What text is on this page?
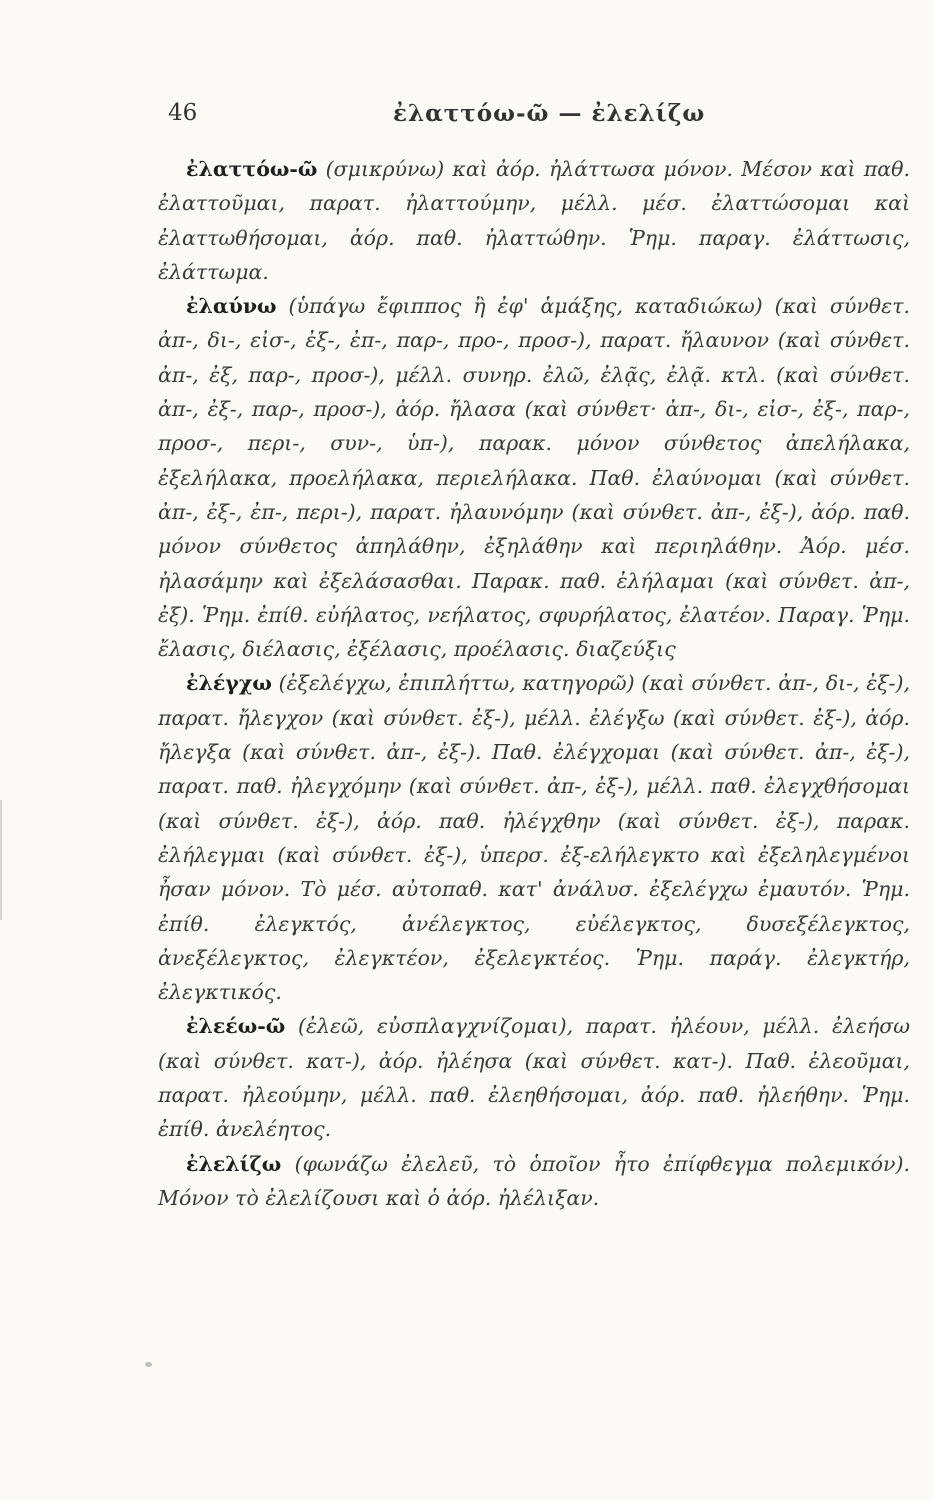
46	ἐλαττόω-ῶ — ἐλελίζω

ἐλαττόω-ῶ (σμικρύνω) καὶ ἀόρ. ἠλάττωσα μόνον. Μέσον καὶ παθ. ἐλαττοῦμαι, παρατ. ἠλαττούμην, μέλλ. μέσ. ἐλαττώσομαι καὶ ἐλαττωθήσομαι, ἀόρ. παθ. ἠλαττώθην. Ῥημ. παραγ. ἐλάττωσις, ἐλάττωμα.

ἐλαύνω (ὑπάγω ἔφιππος ἢ ἐφ' ἁμάξης, καταδιώκω) (καὶ σύνθετ. ἀπ-, δι-, εἰσ-, ἐξ-, ἐπ-, παρ-, προ-, προσ-), παρατ. ἤλαυνον (καὶ σύνθετ. ἀπ-, ἐξ, παρ-, προσ-), μέλλ. συνηρ. ἐλῶ, ἐλᾷς, ἐλᾷ. κτλ. (καὶ σύνθετ. ἀπ-, ἐξ-, παρ-, προσ-), ἀόρ. ἤλασα (καὶ σύνθετ· ἀπ-, δι-, εἰσ-, ἐξ-, παρ-, προσ-, περι-, συν-, ὑπ-), παρακ. μόνον σύνθετος ἀπελήλακα, ἐξελήλακα, προελήλακα, περιελήλακα. Παθ. ἐλαύνομαι (καὶ σύνθετ. ἀπ-, ἐξ-, ἐπ-, περι-), παρατ. ἠλαυνόμην (καὶ σύνθετ. ἀπ-, ἐξ-), ἀόρ. παθ. μόνον σύνθετος ἀπηλάθην, ἐξηλάθην καὶ περιηλάθην. Ἀόρ. μέσ. ἠλασάμην καὶ ἐξελάσασθαι. Παρακ. παθ. ἐλήλαμαι (καὶ σύνθετ. ἀπ-, ἐξ). Ῥημ. ἐπίθ. εὐήλατος, νεήλατος, σφυρήλατος, ἐλατέον. Παραγ. Ῥημ. ἔλασις, διέλασις, ἐξέλασις, προέλασις. διαζεύξις

ἐλέγχω (ἐξελέγχω, ἐπιπλήττω, κατηγορῶ) (καὶ σύνθετ. ἀπ-, δι-, ἐξ-), παρατ. ἤλεγχον (καὶ σύνθετ. ἐξ-), μέλλ. ἐλέγξω (καὶ σύνθετ. ἐξ-), ἀόρ. ἤλεγξα (καὶ σύνθετ. ἀπ-, ἐξ-). Παθ. ἐλέγχομαι (καὶ σύνθετ. ἀπ-, ἐξ-), παρατ. παθ. ἠλεγχόμην (καὶ σύνθετ. ἀπ-, ἐξ-), μέλλ. παθ. ἐλεγχθήσομαι (καὶ σύνθετ. ἐξ-), ἀόρ. παθ. ἠλέγχθην (καὶ σύνθετ. ἐξ-), παρακ. ἐλήλεγμαι (καὶ σύνθετ. ἐξ-), ὑπερσ. ἐξ-ελήλεγκτο καὶ ἐξεληλεγμένοι ἦσαν μόνον. Τὸ μέσ. αὐτοπαθ. κατ' ἀνάλυσ. ἐξελέγχω ἐμαυτόν. Ῥημ. ἐπίθ. ἐλεγκτός, ἀνέλεγκτος, εὐέλεγκτος, δυσεξέλεγκτος, ἀνεξέλεγκτος, ἐλεγκτέον, ἐξελεγκτέος. Ῥημ. παράγ. ἐλεγκτήρ, ἐλεγκτικός.

ἐλεέω-ῶ (ἐλεῶ, εὐσπλαγχνίζομαι), παρατ. ἠλέουν, μέλλ. ἐλεήσω (καὶ σύνθετ. κατ-), ἀόρ. ἠλέησα (καὶ σύνθετ. κατ-). Παθ. ἐλεοῦμαι, παρατ. ἠλεούμην, μέλλ. παθ. ἐλεηθήσομαι, ἀόρ. παθ. ἠλεήθην. Ῥημ. ἐπίθ. ἀνελέητος.

ἐλελίζω (φωνάζω ἐλελεῦ, τὸ ὁποῖον ἦτο ἐπίφθεγμα πολεμικόν). Μόνον τὸ ἐλελίζουσι καὶ ὁ ἀόρ. ἠλέλιξαν.
